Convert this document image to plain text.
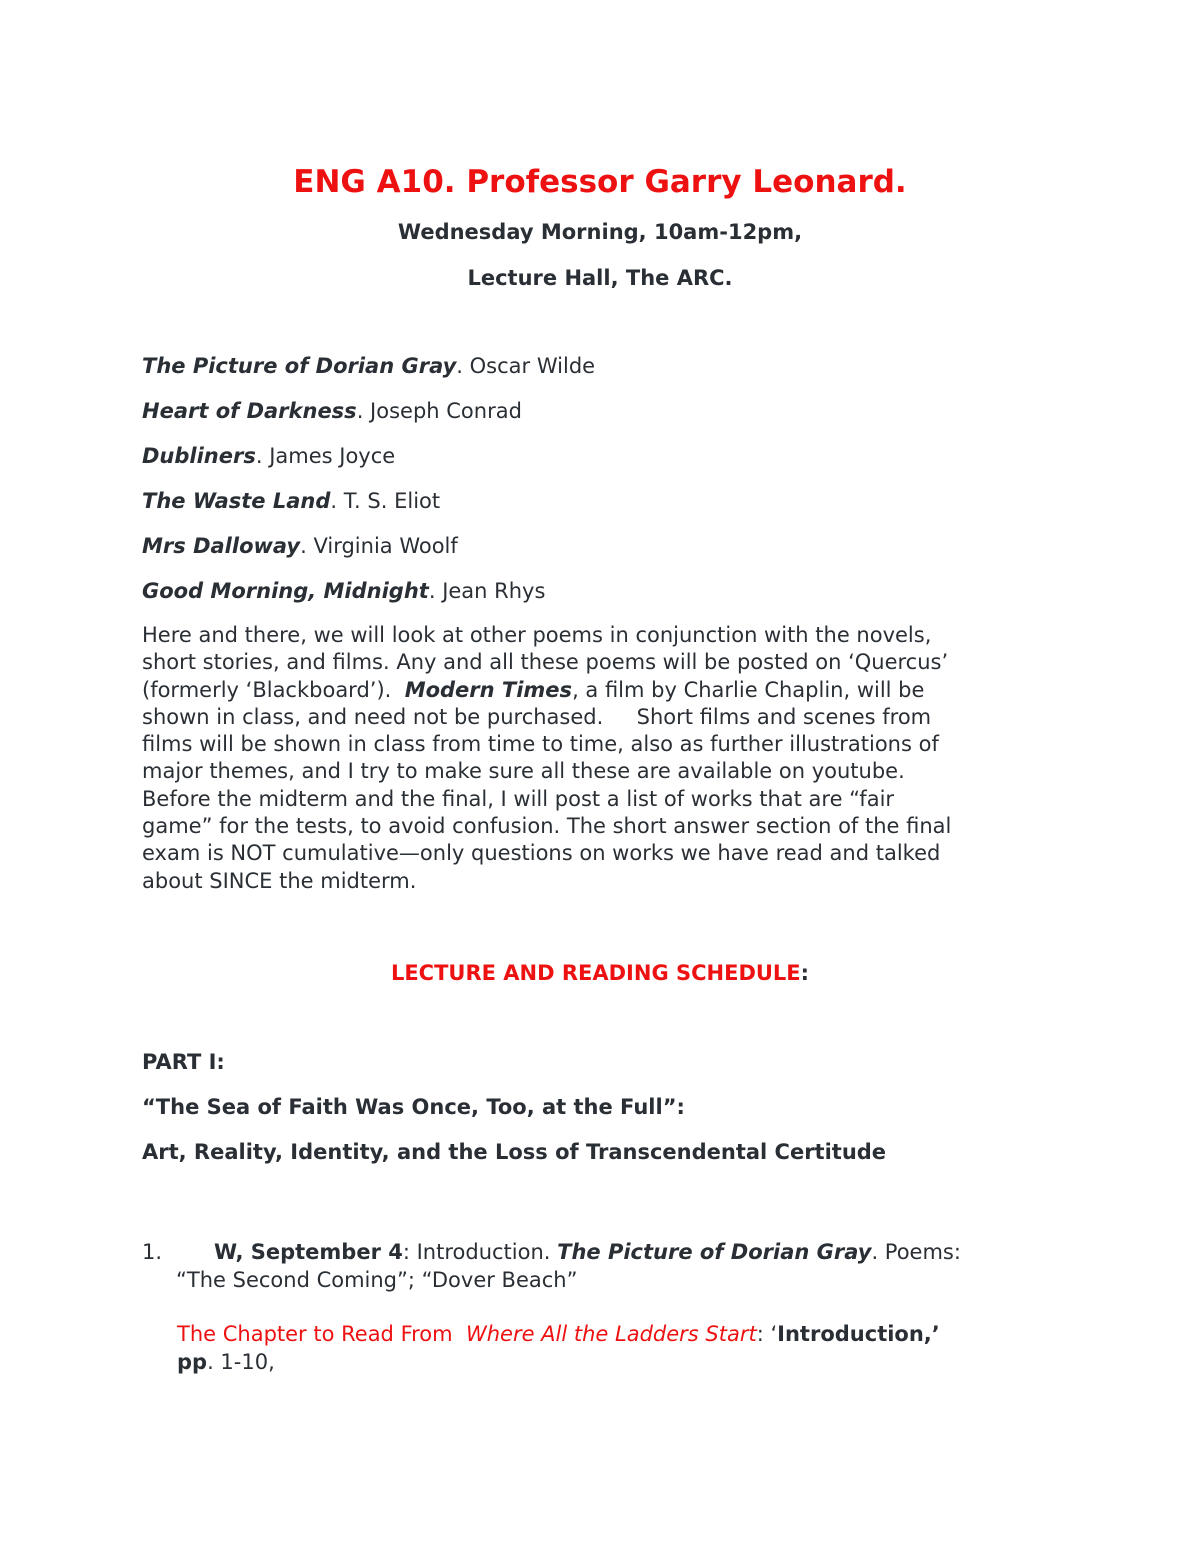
ENG A10. Professor Garry Leonard.
Wednesday Morning, 10am-12pm,
Lecture Hall, The ARC.
The Picture of Dorian Gray. Oscar Wilde
Heart of Darkness. Joseph Conrad
Dubliners. James Joyce
The Waste Land. T. S. Eliot
Mrs Dalloway. Virginia Woolf
Good Morning, Midnight. Jean Rhys
Here and there, we will look at other poems in conjunction with the novels,
short stories, and films. Any and all these poems will be posted on ‘Quercus’
(formerly ‘Blackboard’).  Modern Times, a film by Charlie Chaplin, will be
shown in class, and need not be purchased.     Short films and scenes from
films will be shown in class from time to time, also as further illustrations of
major themes, and I try to make sure all these are available on youtube.
Before the midterm and the final, I will post a list of works that are “fair
game” for the tests, to avoid confusion. The short answer section of the final
exam is NOT cumulative—only questions on works we have read and talked
about SINCE the midterm.
LECTURE AND READING SCHEDULE:
PART I:
“The Sea of Faith Was Once, Too, at the Full”:
Art, Reality, Identity, and the Loss of Transcendental Certitude
1.	W, September 4: Introduction. The Picture of Dorian Gray. Poems:
“The Second Coming”; “Dover Beach”
The Chapter to Read From  Where All the Ladders Start: ‘Introduction,’
pp. 1-10,
